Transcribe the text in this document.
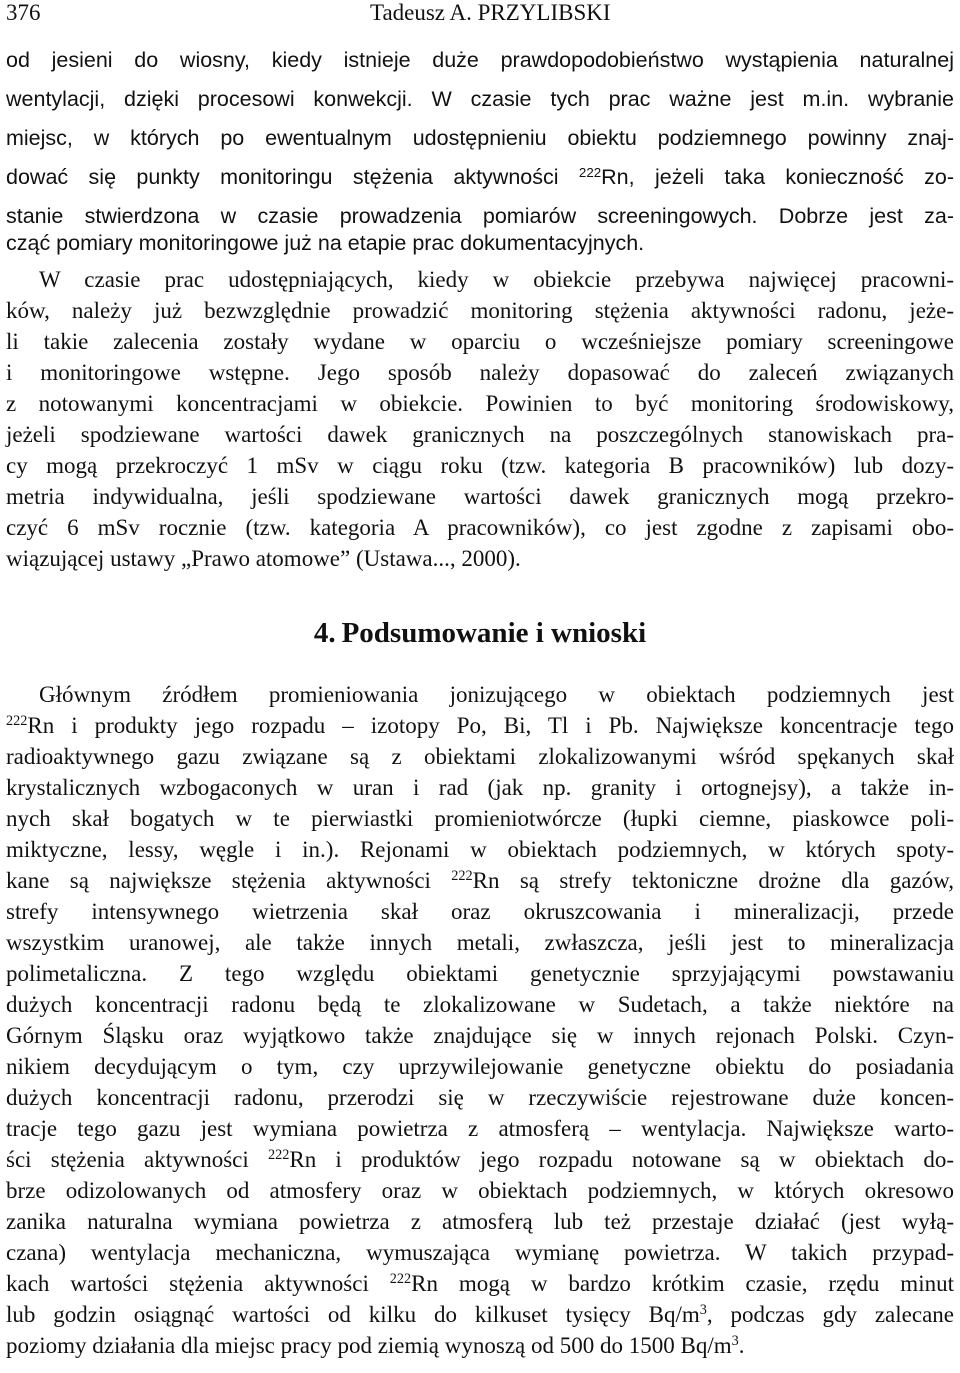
376	Tadeusz A. PRZYLIBSKI
od jesieni do wiosny, kiedy istnieje duże prawdopodobieństwo wystąpienia naturalnej
wentylacji, dzięki procesowi konwekcji. W czasie tych prac ważne jest m.in. wybranie
miejsc, w których po ewentualnym udostępnieniu obiektu podziemnego powinny znaj-
dować się punkty monitoringu stężenia aktywności $^{222}$Rn, jeżeli taka konieczność zo-
stanie stwierdzona w czasie prowadzenia pomiarów screeningowych. Dobrze jest za-
cząć pomiary monitoringowe już na etapie prac dokumentacyjnych.
W czasie prac udostępniających, kiedy w obiekcie przebywa najwięcej pracowni-
ków, należy już bezwzględnie prowadzić monitoring stężenia aktywności radonu, jeże-
li takie zalecenia zostały wydane w oparciu o wcześniejsze pomiary screeningowe
i monitoringowe wstępne. Jego sposób należy dopasować do zaleceń związanych
z notowanymi koncentracjami w obiekcie. Powinien to być monitoring środowiskowy,
jeżeli spodziewane wartości dawek granicznych na poszczególnych stanowiskach pra-
cy mogą przekroczyć 1 mSv w ciągu roku (tzw. kategoria B pracowników) lub dozy-
metria indywidualna, jeśli spodziewane wartości dawek granicznych mogą przekro-
czyć 6 mSv rocznie (tzw. kategoria A pracowników), co jest zgodne z zapisami obo-
wiązującej ustawy „Prawo atomowe” (Ustawa..., 2000).
4. Podsumowanie i wnioski
Głównym źródłem promieniowania jonizującego w obiektach podziemnych jest
$^{222}$Rn i produkty jego rozpadu – izotopy Po, Bi, Tl i Pb. Największe koncentracje tego
radioaktywnego gazu związane są z obiektami zlokalizowanymi wśród spękanych skał
krystalicznych wzbogaconych w uran i rad (jak np. granity i ortognejsy), a także in-
nych skał bogatych w te pierwiastki promieniotwórcze (łupki ciemne, piaskowce poli-
miktyczne, lessy, węgle i in.). Rejonami w obiektach podziemnych, w których spoty-
kane są największe stężenia aktywności $^{222}$Rn są strefy tektoniczne drożne dla gazów,
strefy intensywnego wietrzenia skał oraz okruszcowania i mineralizacji, przede
wszystkim uranowej, ale także innych metali, zwłaszcza, jeśli jest to mineralizacja
polimetaliczna. Z tego względu obiektami genetycznie sprzyjającymi powstawaniu
dużych koncentracji radonu będą te zlokalizowane w Sudetach, a także niektóre na
Górnym Śląsku oraz wyjątkowo także znajdujące się w innych rejonach Polski. Czyn-
nikiem decydującym o tym, czy uprzywilejowanie genetyczne obiektu do posiadania
dużych koncentracji radonu, przerodzi się w rzeczywiście rejestrowane duże koncen-
tracje tego gazu jest wymiana powietrza z atmosferą – wentylacja. Największe warto-
ści stężenia aktywności $^{222}$Rn i produktów jego rozpadu notowane są w obiektach do-
brze odizolowanych od atmosfery oraz w obiektach podziemnych, w których okresowo
zanika naturalna wymiana powietrza z atmosferą lub też przestaje działać (jest wyłą-
czana) wentylacja mechaniczna, wymuszająca wymianę powietrza. W takich przypad-
kach wartości stężenia aktywności $^{222}$Rn mogą w bardzo krótkim czasie, rzędu minut
lub godzin osiągnąć wartości od kilku do kilkuset tysięcy $Bq/m^3$, podczas gdy zalecane
poziomy działania dla miejsc pracy pod ziemią wynoszą od 500 do 1500 $Bq/m^3$.
